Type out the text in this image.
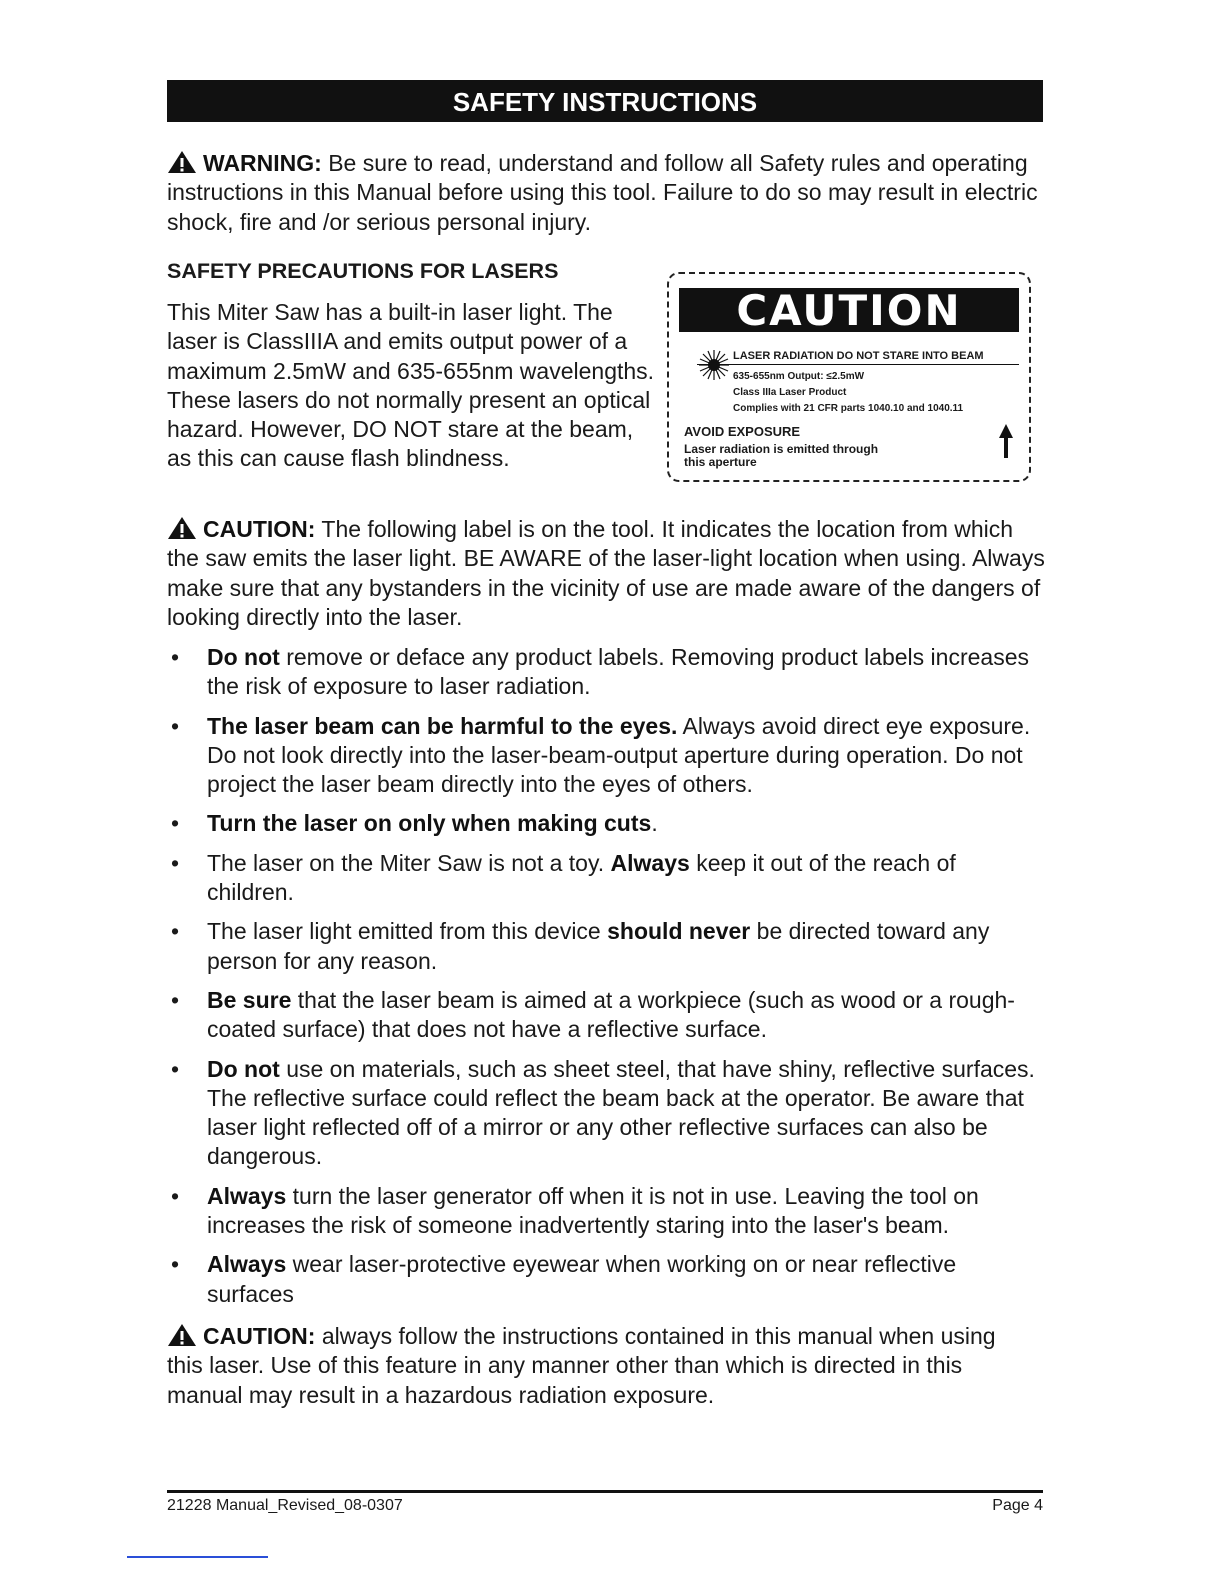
SAFETY INSTRUCTIONS
WARNING: Be sure to read, understand and follow all Safety rules and operating instructions in this Manual before using this tool. Failure to do so may result in electric shock, fire and /or serious personal injury.
SAFETY PRECAUTIONS FOR LASERS
This Miter Saw has a built-in laser light. The laser is ClassIIIA and emits output power of a maximum 2.5mW and 635-655nm wavelengths. These lasers do not normally present an optical hazard. However, DO NOT stare at the beam, as this can cause flash blindness.
CAUTION
LASER RADIATION DO NOT STARE INTO BEAM
635-655nm Output: ≤2.5mW
Class IIIa Laser Product
Complies with 21 CFR parts 1040.10 and 1040.11
AVOID EXPOSURE
Laser radiation is emitted through
this aperture
CAUTION: The following label is on the tool. It indicates the location from which the saw emits the laser light. BE AWARE of the laser-light location when using. Always make sure that any bystanders in the vicinity of use are made aware of the dangers of looking directly into the laser.
• Do not remove or deface any product labels. Removing product labels increases the risk of exposure to laser radiation.
• The laser beam can be harmful to the eyes. Always avoid direct eye exposure. Do not look directly into the laser-beam-output aperture during operation. Do not project the laser beam directly into the eyes of others.
• Turn the laser on only when making cuts.
• The laser on the Miter Saw is not a toy. Always keep it out of the reach of children.
• The laser light emitted from this device should never be directed toward any person for any reason.
• Be sure that the laser beam is aimed at a workpiece (such as wood or a rough-coated surface) that does not have a reflective surface.
• Do not use on materials, such as sheet steel, that have shiny, reflective surfaces. The reflective surface could reflect the beam back at the operator. Be aware that laser light reflected off of a mirror or any other reflective surfaces can also be dangerous.
• Always turn the laser generator off when it is not in use. Leaving the tool on increases the risk of someone inadvertently staring into the laser's beam.
• Always wear laser-protective eyewear when working on or near reflective surfaces
CAUTION: always follow the instructions contained in this manual when using this laser. Use of this feature in any manner other than which is directed in this manual may result in a hazardous radiation exposure.
21228 Manual_Revised_08-0307	Page 4
